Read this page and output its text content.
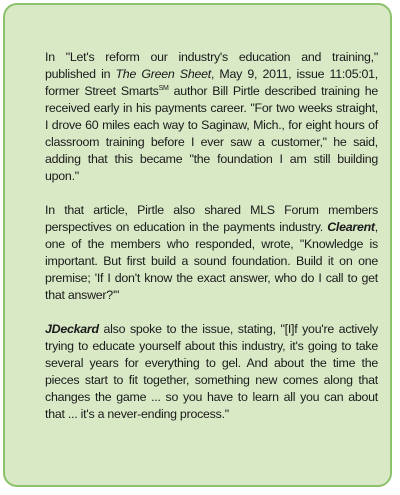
In "Let's reform our industry's education and training," published in The Green Sheet, May 9, 2011, issue 11:05:01, former Street Smarts℠ author Bill Pirtle described training he received early in his payments career. "For two weeks straight, I drove 60 miles each way to Saginaw, Mich., for eight hours of classroom training before I ever saw a customer," he said, adding that this became "the foundation I am still building upon."

In that article, Pirtle also shared MLS Forum members perspectives on education in the payments industry. Clearent, one of the members who responded, wrote, "Knowledge is important. But first build a sound foundation. Build it on one premise; 'If I don't know the exact answer, who do I call to get that answer?'"

JDeckard also spoke to the issue, stating, "[I]f you're actively trying to educate yourself about this industry, it's going to take several years for everything to gel. And about the time the pieces start to fit together, something new comes along that changes the game ... so you have to learn all you can about that ... it's a never-ending process."
